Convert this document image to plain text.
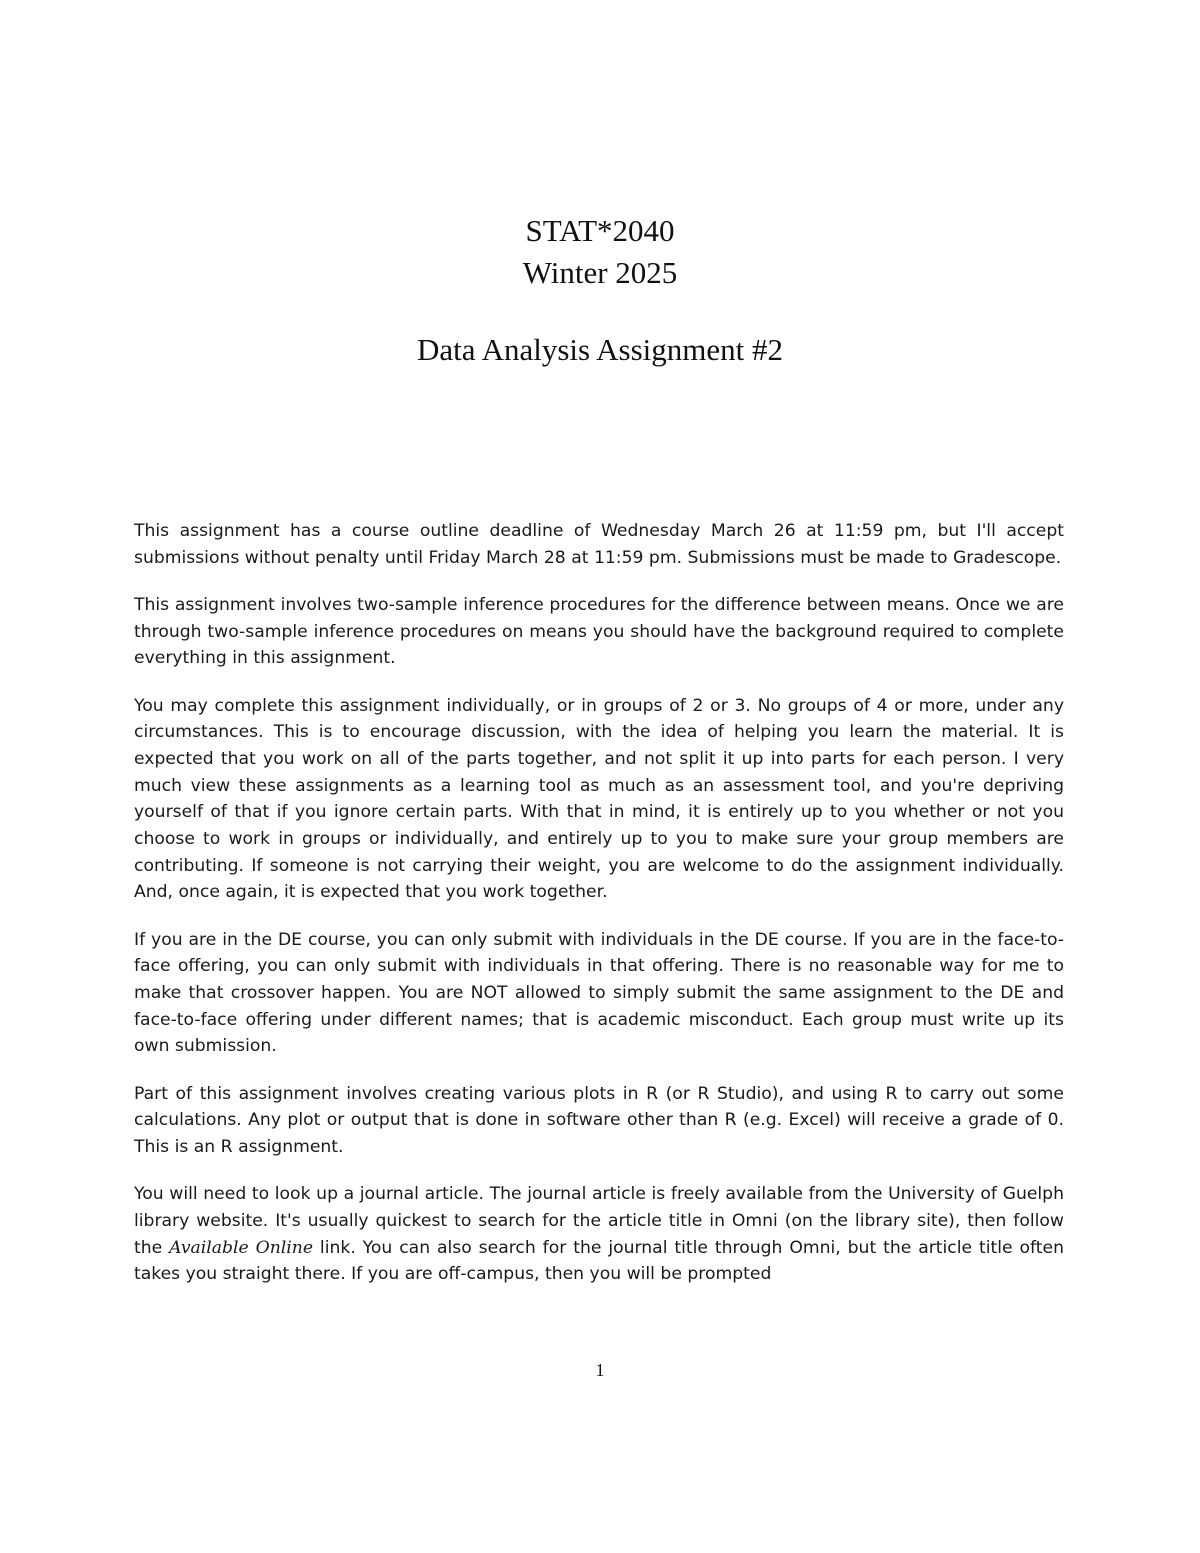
STAT*2040
Winter 2025
Data Analysis Assignment #2

This assignment has a course outline deadline of Wednesday March 26 at 11:59 pm, but I'll accept submissions without penalty until Friday March 28 at 11:59 pm. Submissions must be made to Gradescope.

This assignment involves two-sample inference procedures for the difference between means. Once we are through two-sample inference procedures on means you should have the background required to complete everything in this assignment.

You may complete this assignment individually, or in groups of 2 or 3. No groups of 4 or more, under any circumstances. This is to encourage discussion, with the idea of helping you learn the material. It is expected that you work on all of the parts together, and not split it up into parts for each person. I very much view these assignments as a learning tool as much as an assessment tool, and you're depriving yourself of that if you ignore certain parts. With that in mind, it is entirely up to you whether or not you choose to work in groups or individually, and entirely up to you to make sure your group members are contributing. If someone is not carrying their weight, you are welcome to do the assignment individually. And, once again, it is expected that you work together.

If you are in the DE course, you can only submit with individuals in the DE course. If you are in the face-to-face offering, you can only submit with individuals in that offering. There is no reasonable way for me to make that crossover happen. You are NOT allowed to simply submit the same assignment to the DE and face-to-face offering under different names; that is academic misconduct. Each group must write up its own submission.

Part of this assignment involves creating various plots in R (or R Studio), and using R to carry out some calculations. Any plot or output that is done in software other than R (e.g. Excel) will receive a grade of 0. This is an R assignment.

You will need to look up a journal article. The journal article is freely available from the University of Guelph library website. It's usually quickest to search for the article title in Omni (on the library site), then follow the Available Online link. You can also search for the journal title through Omni, but the article title often takes you straight there. If you are off-campus, then you will be prompted

1
